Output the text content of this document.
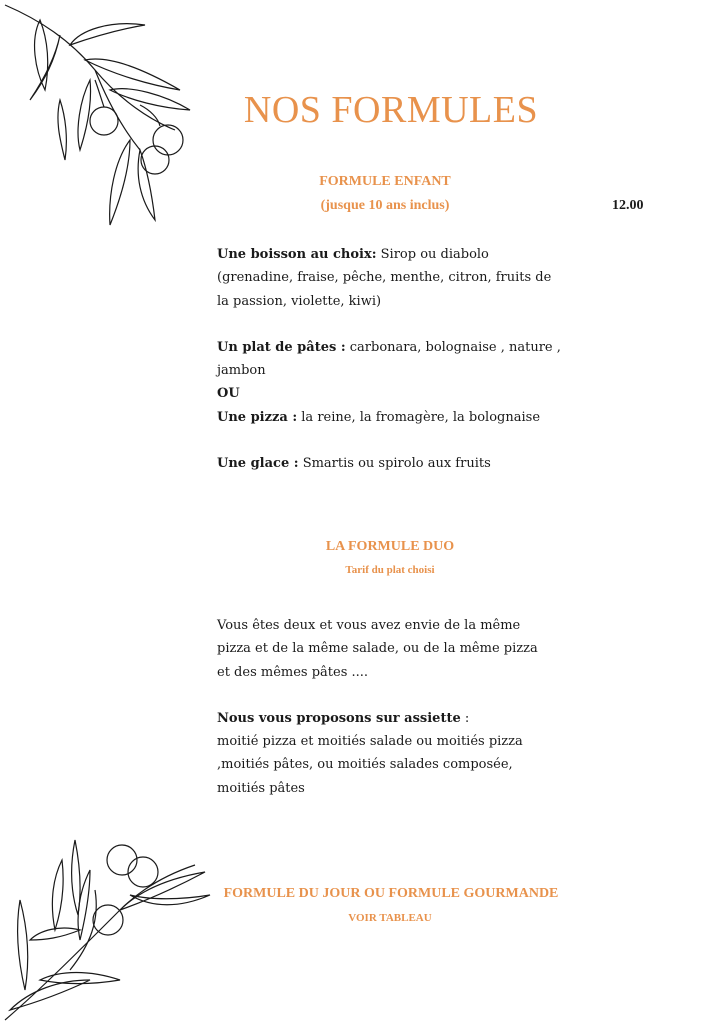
NOS FORMULES
FORMULE ENFANT
(jusque 10 ans inclus)	12.00
Une boisson au choix: Sirop ou diabolo
(grenadine, fraise, pêche, menthe, citron, fruits de
la passion, violette, kiwi)
Un plat de pâtes : carbonara, bolognaise , nature ,
jambon
OU
Une pizza : la reine, la fromagère, la bolognaise
Une glace : Smartis ou spirolo aux fruits
LA FORMULE DUO
Tarif du plat choisi
Vous êtes deux et vous avez envie de la même
pizza et de la même salade, ou de la même pizza
et des mêmes pâtes ....
Nous vous proposons sur assiette :
moitié pizza et moitiés salade ou moitiés pizza
,moitiés pâtes, ou moitiés salades composée,
moitiés pâtes
FORMULE DU JOUR OU FORMULE GOURMANDE
VOIR TABLEAU
